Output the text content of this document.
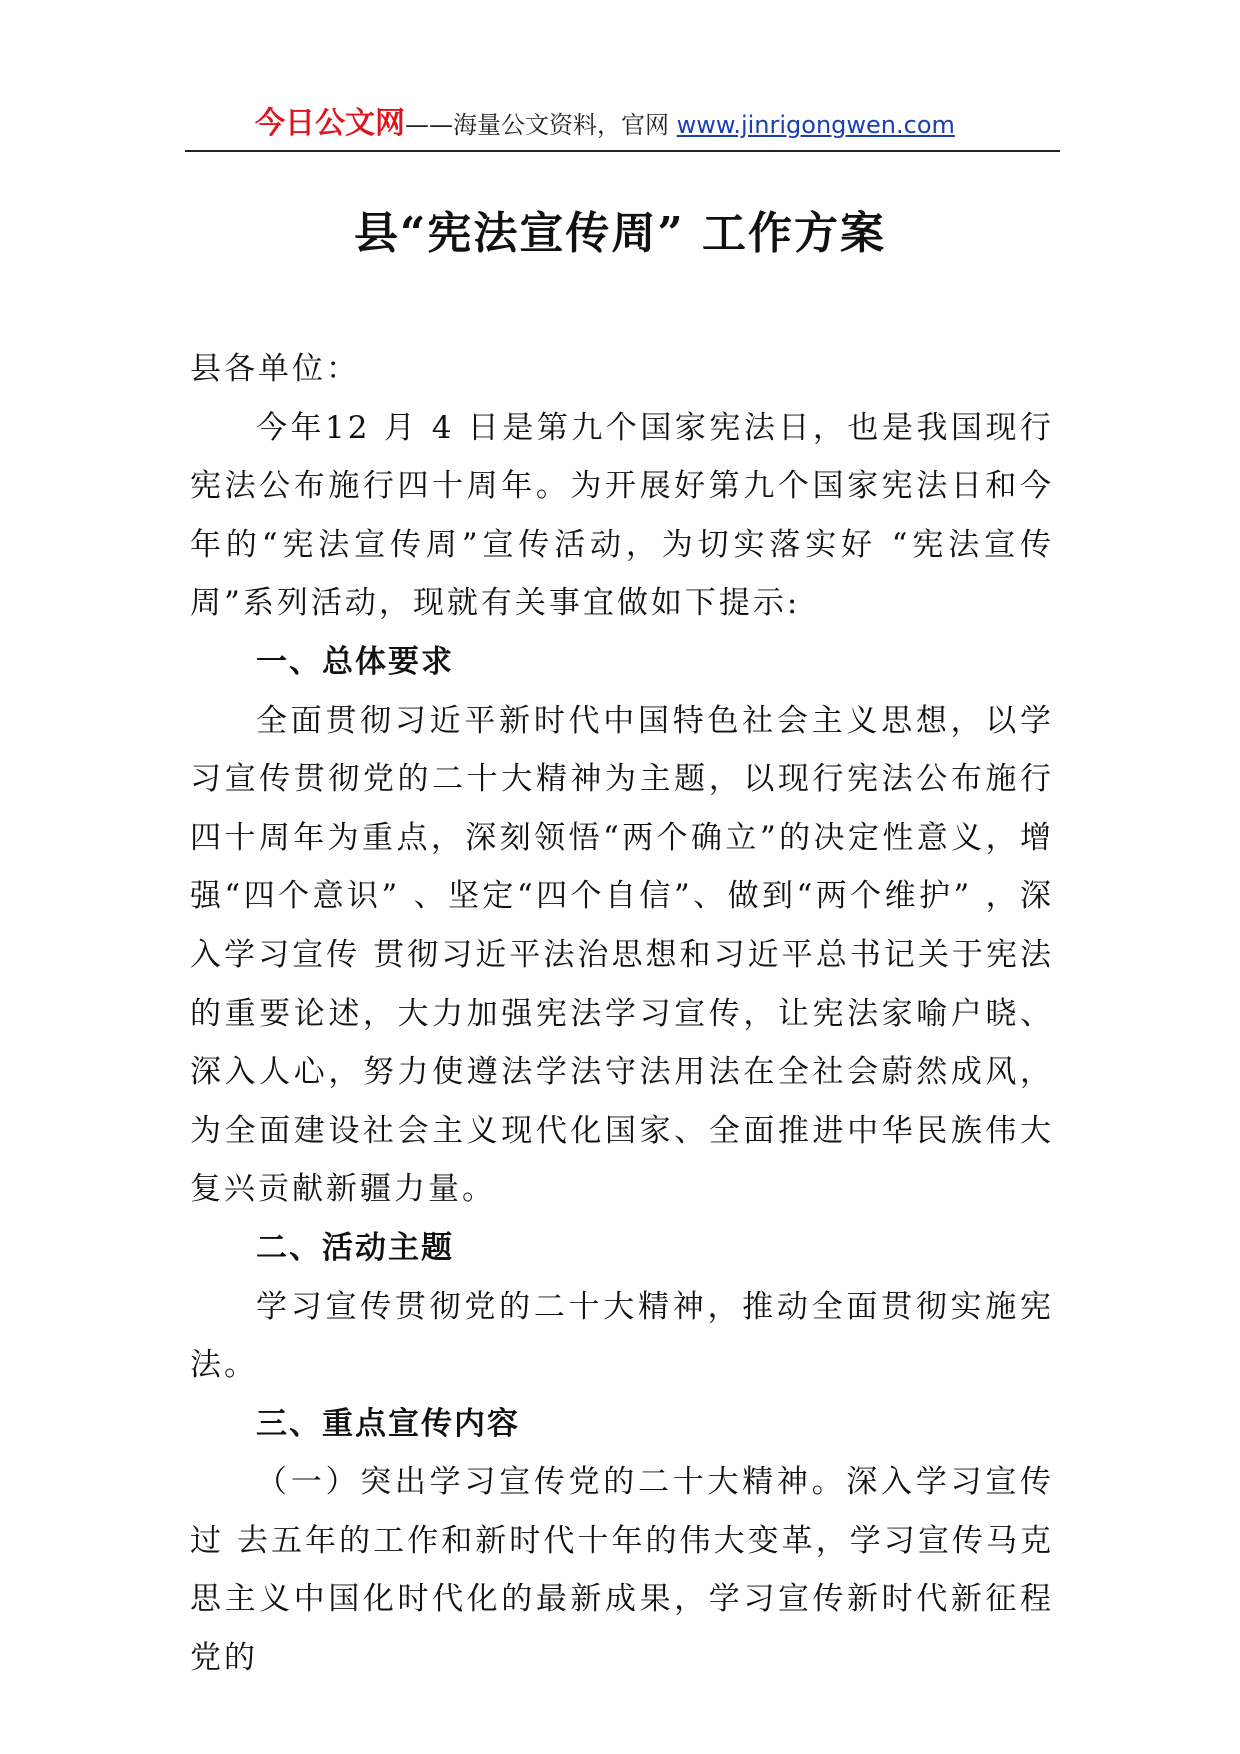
今日公文网——海量公文资料，官网 www.jinrigongwen.com
县“宪法宣传周” 工作方案

县各单位：

今年12 月 4 日是第九个国家宪法日，也是我国现行宪法公布施行四十周年。为开展好第九个国家宪法日和今年的“宪法宣传周”宣传活动，为切实落实好 “宪法宣传周”系列活动，现就有关事宜做如下提示:

一、总体要求

全面贯彻习近平新时代中国特色社会主义思想，以学习宣传贯彻党的二十大精神为主题，以现行宪法公布施行四十周年为重点，深刻领悟“两个确立”的决定性意义，增强“四个意识” 、坚定“四个自信”、做到“两个维护” ，深入学习宣传 贯彻习近平法治思想和习近平总书记关于宪法的重要论述，大力加强宪法学习宣传，让宪法家喻户晓、深入人心，努力使遵法学法守法用法在全社会蔚然成风，为全面建设社会主义现代化国家、全面推进中华民族伟大复兴贡献新疆力量。

二、活动主题

学习宣传贯彻党的二十大精神，推动全面贯彻实施宪法。

三、重点宣传内容

（一）突出学习宣传党的二十大精神。深入学习宣传过 去五年的工作和新时代十年的伟大变革，学习宣传马克思主义中国化时代化的最新成果，学习宣传新时代新征程党的
